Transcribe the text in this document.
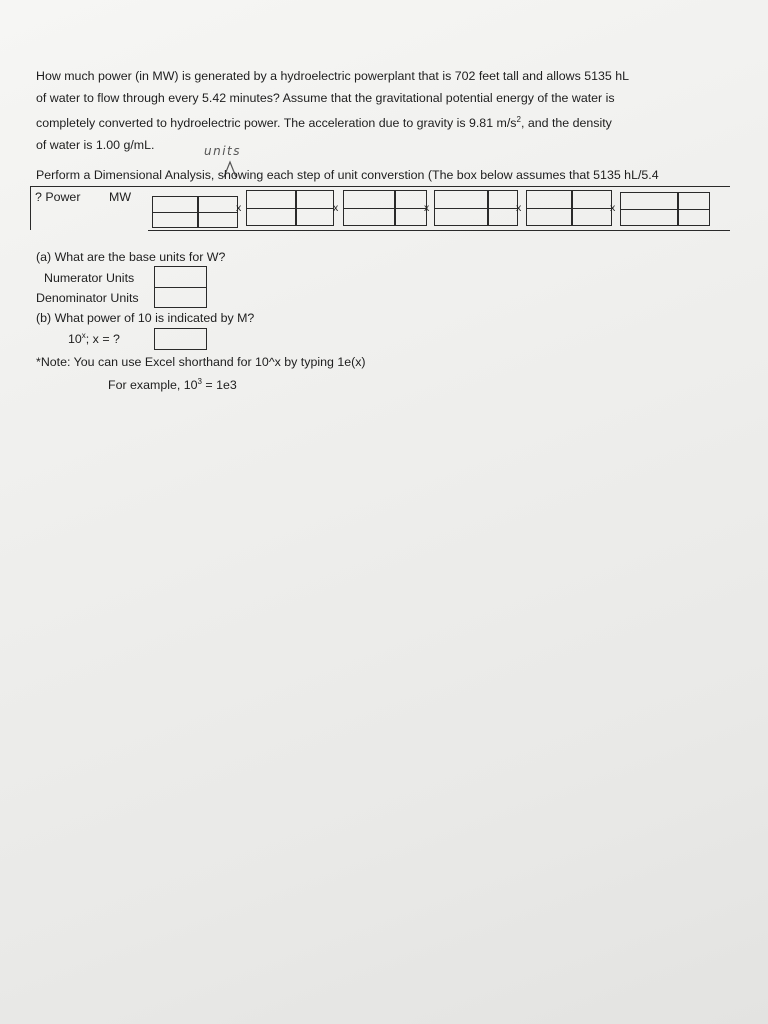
How much power (in MW) is generated by a hydroelectric powerplant that is 702 feet tall and allows 5135 hL
of water to flow through every 5.42 minutes? Assume that the gravitational potential energy of the water is
completely converted to hydroelectric power. The acceleration due to gravity is 9.81 $m/s^2$, and the density
of water is 1.00 g/mL.	units
Perform a Dimensional Analysis, showing each step of unit converstion (The box below assumes that 5135 hL/5.4
? Power MW
x	x	x	x	x
(a) What are the base units for W?
Numerator Units
Denominator Units
(b) What power of 10 is indicated by M?
10$^x$; x = ?
*Note: You can use Excel shorthand for 10^x by typing 1e(x)
For example, $10^3 = 1e3$
